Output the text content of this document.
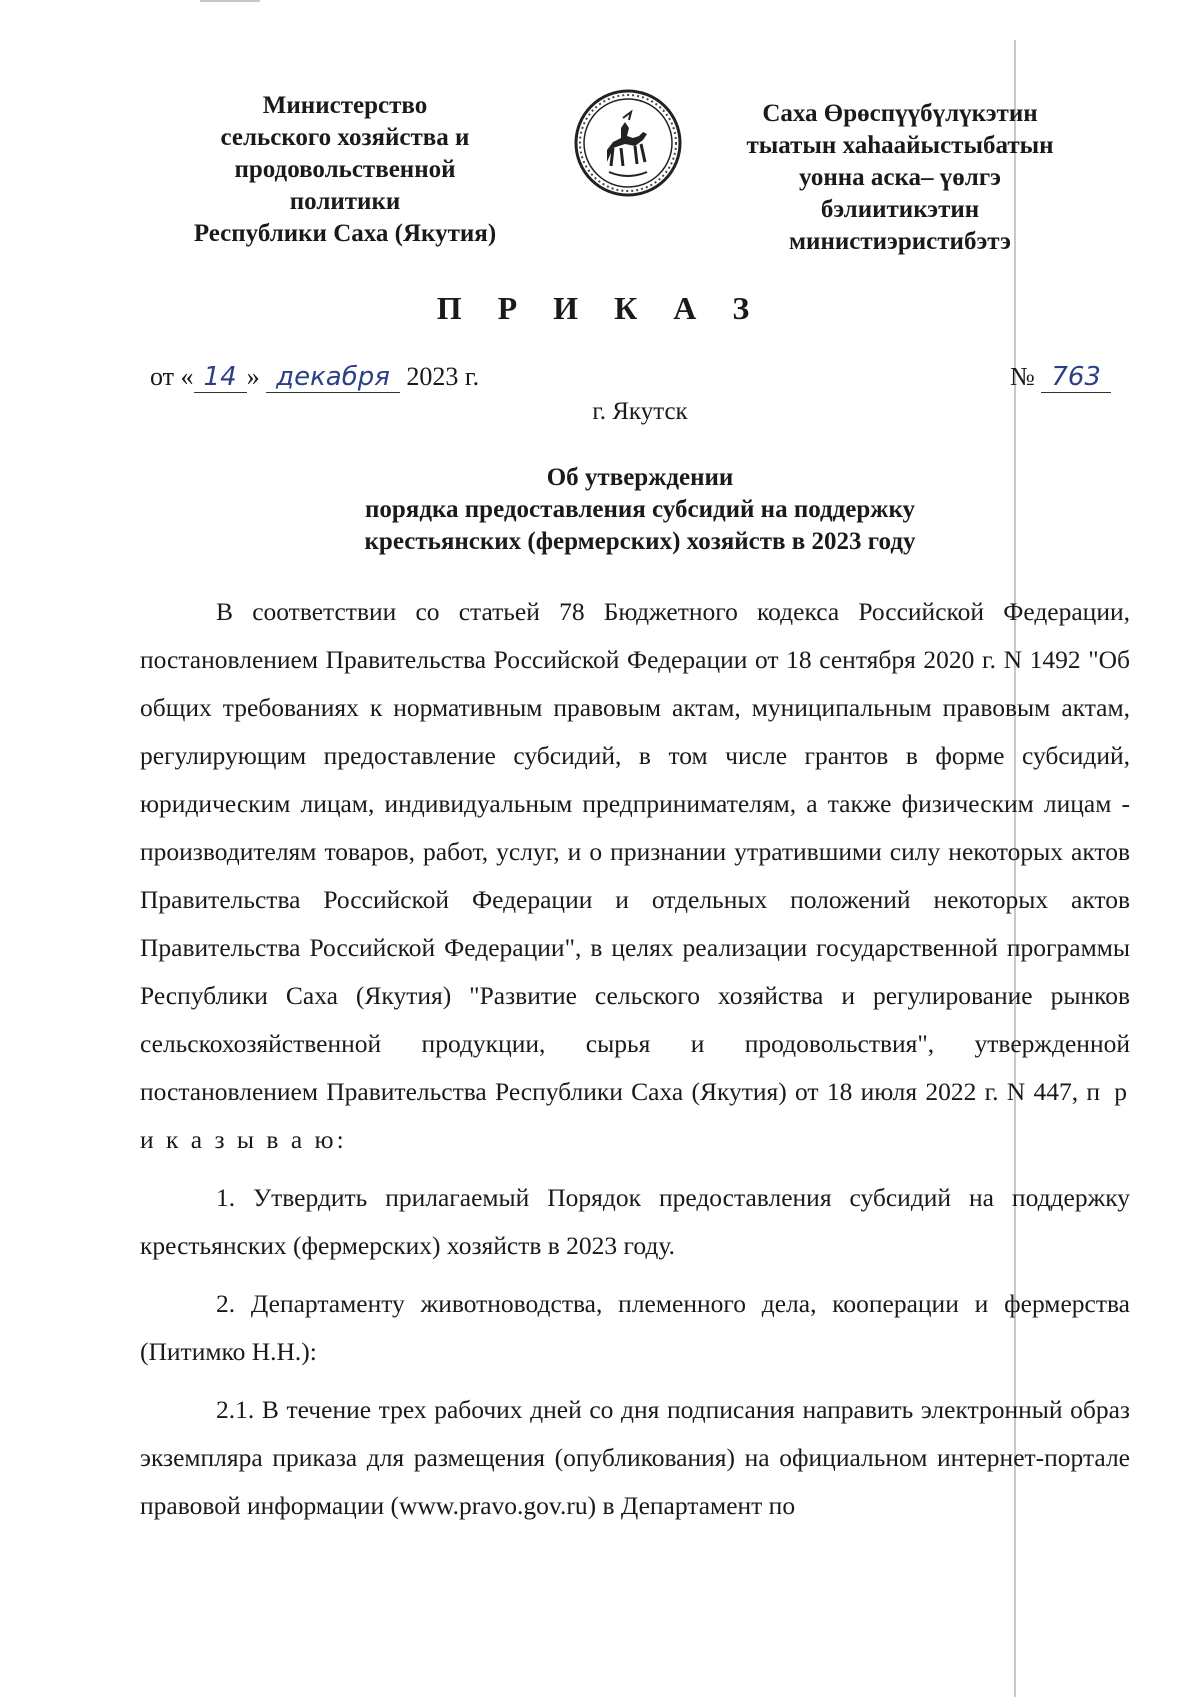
Министерство
сельского хозяйства и
продовольственной
политики
Республики Саха (Якутия)
Саха Өрөспүүбүлүкэтин
тыатын хаһаайыстыбатын
уонна аска– үөлгэ
бэлиитикэтин
министиэристибэтэ
П Р И К А З
от « 14 » декабря 2023 г.	№ 763
г. Якутск
Об утверждении
порядка предоставления субсидий на поддержку
крестьянских (фермерских) хозяйств в 2023 году

В соответствии со статьей 78 Бюджетного кодекса Российской Федерации, постановлением Правительства Российской Федерации от 18 сентября 2020 г. N 1492 "Об общих требованиях к нормативным правовым актам, муниципальным правовым актам, регулирующим предоставление субсидий, в том числе грантов в форме субсидий, юридическим лицам, индивидуальным предпринимателям, а также физическим лицам - производителям товаров, работ, услуг, и о признании утратившими силу некоторых актов Правительства Российской Федерации и отдельных положений некоторых актов Правительства Российской Федерации", в целях реализации государственной программы Республики Саха (Якутия) "Развитие сельского хозяйства и регулирование рынков сельскохозяйственной продукции, сырья и продовольствия", утвержденной постановлением Правительства Республики Саха (Якутия) от 18 июля 2022 г. N 447, п р и к а з ы в а ю:

1. Утвердить прилагаемый Порядок предоставления субсидий на поддержку крестьянских (фермерских) хозяйств в 2023 году.

2. Департаменту животноводства, племенного дела, кооперации и фермерства (Питимко Н.Н.):

2.1. В течение трех рабочих дней со дня подписания направить электронный образ экземпляра приказа для размещения (опубликования) на официальном интернет-портале правовой информации (www.pravo.gov.ru) в Департамент по
